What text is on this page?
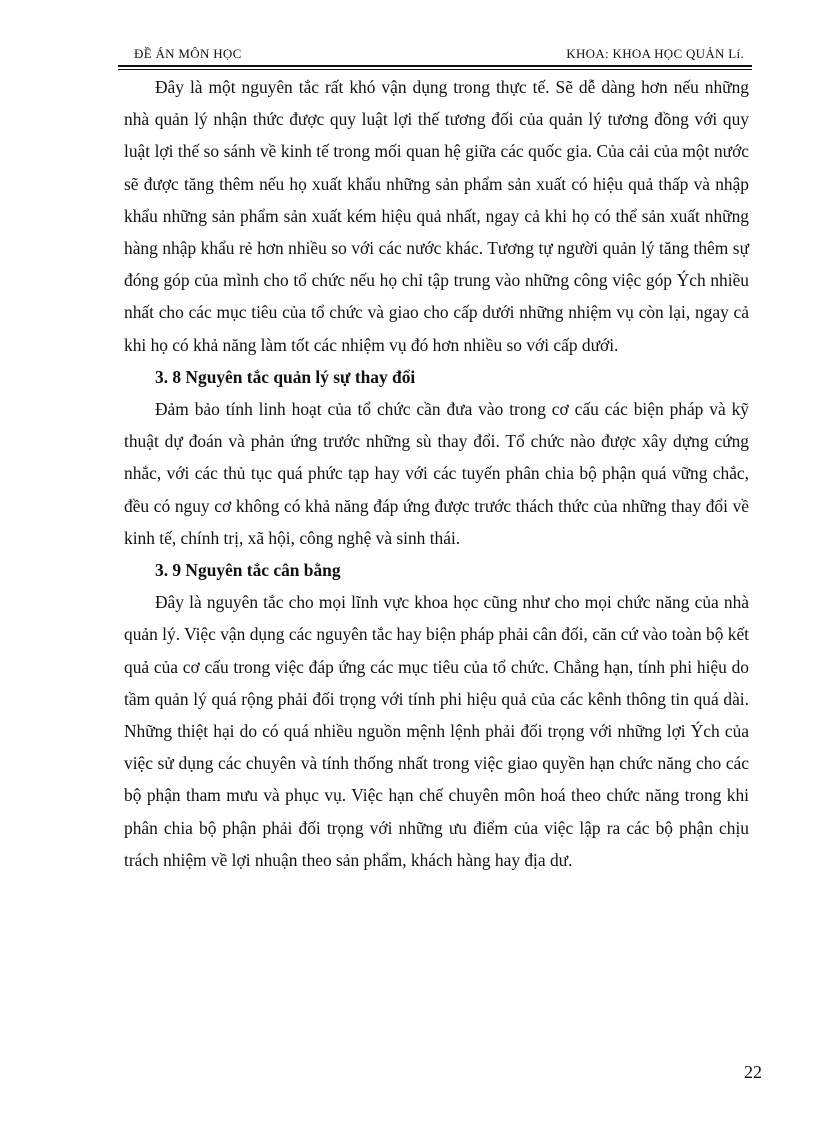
ĐỀ ÁN MÔN HỌC	KHOA: KHOA HỌC QUẢN Lí.

Đây là một nguyên tắc rất khó vận dụng trong thực tế. Sẽ dễ dàng hơn nếu những nhà quản lý nhận thức được quy luật lợi thế tương đối của quản lý tương đồng với quy luật lợi thế so sánh về kinh tế trong mối quan hệ giữa các quốc gia. Của cải của một nước sẽ được tăng thêm nếu họ xuất khẩu những sản phẩm sản xuất có hiệu quả thấp và nhập khẩu những sản phẩm sản xuất kém hiệu quả nhất, ngay cả khi họ có thể sản xuất những hàng nhập khẩu rẻ hơn nhiều so với các nước khác. Tương tự người quản lý tăng thêm sự đóng góp của mình cho tổ chức nếu họ chỉ tập trung vào những công việc góp Ých nhiều nhất cho các mục tiêu của tổ chức và giao cho cấp dưới những nhiệm vụ còn lại, ngay cả khi họ có khả năng làm tốt các nhiệm vụ đó hơn nhiều so với cấp dưới.

3. 8 Nguyên tắc quản lý sự thay đổi

Đảm bảo tính linh hoạt của tổ chức cần đưa vào trong cơ cấu các biện pháp và kỹ thuật dự đoán và phản ứng trước những sù thay đổi. Tổ chức nào được xây dựng cứng nhắc, với các thủ tục quá phức tạp hay với các tuyến phân chia bộ phận quá vững chắc, đều có nguy cơ không có khả năng đáp ứng được trước thách thức của những thay đổi về kinh tế, chính trị, xã hội, công nghệ và sinh thái.

3. 9 Nguyên tắc cân bằng

Đây là nguyên tắc cho mọi lĩnh vực khoa học cũng như cho mọi chức năng của nhà quản lý. Việc vận dụng các nguyên tắc hay biện pháp phải cân đối, căn cứ vào toàn bộ kết quả của cơ cấu trong việc đáp ứng các mục tiêu của tổ chức. Chẳng hạn, tính phi hiệu do tầm quản lý quá rộng phải đối trọng với tính phi hiệu quả của các kênh thông tin quá dài. Những thiệt hại do có quá nhiều nguồn mệnh lệnh phải đối trọng với những lợi Ých của việc sử dụng các chuyên và tính thống nhất trong việc giao quyền hạn chức năng cho các bộ phận tham mưu và phục vụ. Việc hạn chế chuyên môn hoá theo chức năng trong khi phân chia bộ phận phải đối trọng với những ưu điểm của việc lập ra các bộ phận chịu trách nhiệm về lợi nhuận theo sản phẩm, khách hàng hay địa dư.

22
